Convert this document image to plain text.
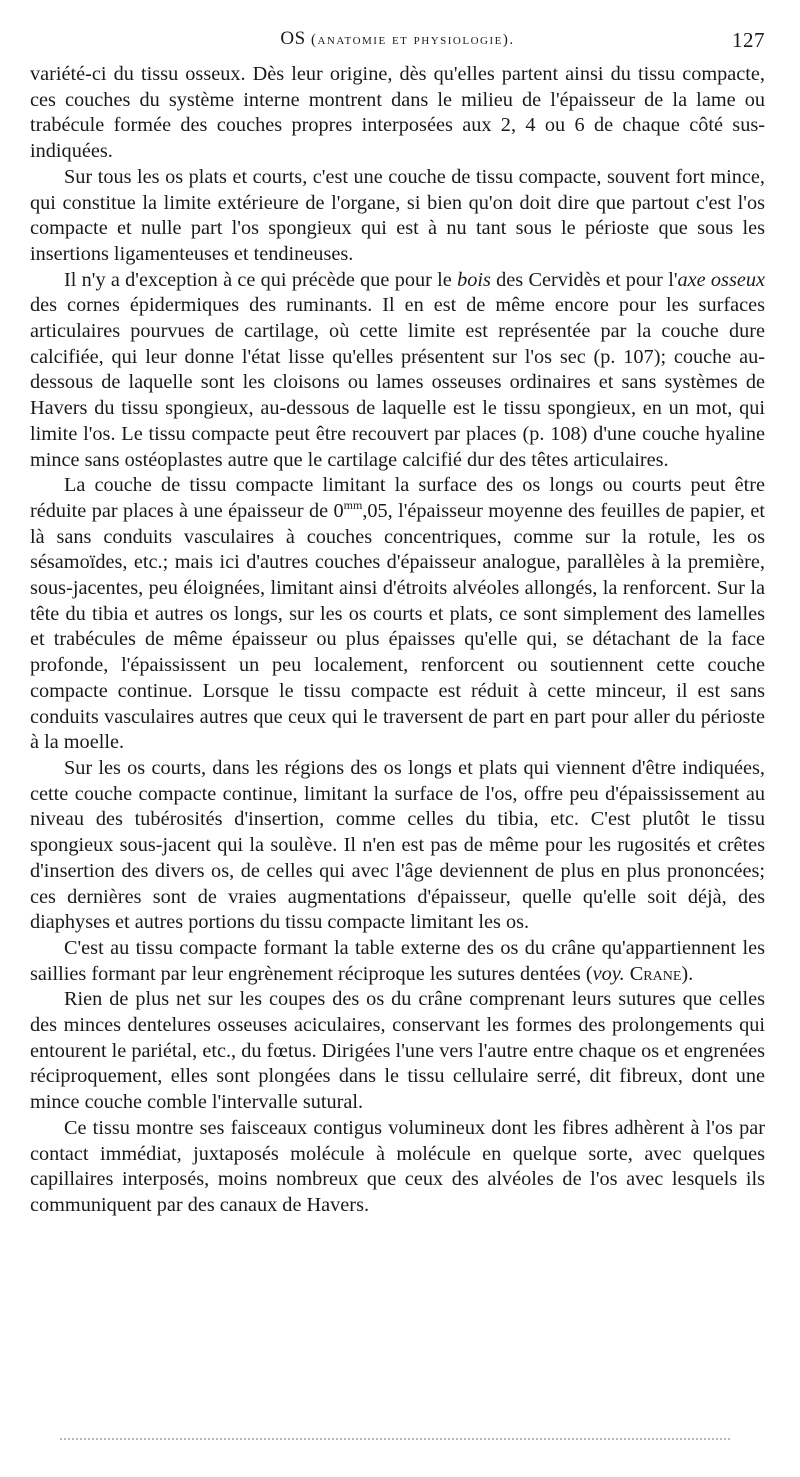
OS (anatomie et physiologie).	127

variété-ci du tissu osseux. Dès leur origine, dès qu'elles partent ainsi du tissu compacte, ces couches du système interne montrent dans le milieu de l'épaisseur de la lame ou trabécule formée des couches propres interposées aux 2, 4 ou 6 de chaque côté sus-indiquées.

Sur tous les os plats et courts, c'est une couche de tissu compacte, souvent fort mince, qui constitue la limite extérieure de l'organe, si bien qu'on doit dire que partout c'est l'os compacte et nulle part l'os spongieux qui est à nu tant sous le périoste que sous les insertions ligamenteuses et tendineuses.

Il n'y a d'exception à ce qui précède que pour le bois des Cervidès et pour l'axe osseux des cornes épidermiques des ruminants. Il en est de même encore pour les surfaces articulaires pourvues de cartilage, où cette limite est représentée par la couche dure calcifiée, qui leur donne l'état lisse qu'elles présentent sur l'os sec (p. 107); couche au-dessous de laquelle sont les cloisons ou lames osseuses ordinaires et sans systèmes de Havers du tissu spongieux, au-dessous de laquelle est le tissu spongieux, en un mot, qui limite l'os. Le tissu compacte peut être recouvert par places (p. 108) d'une couche hyaline mince sans ostéoplastes autre que le cartilage calcifié dur des têtes articulaires.

La couche de tissu compacte limitant la surface des os longs ou courts peut être réduite par places à une épaisseur de $0^{mm},05$, l'épaisseur moyenne des feuilles de papier, et là sans conduits vasculaires à couches concentriques, comme sur la rotule, les os sésamoïdes, etc.; mais ici d'autres couches d'épaisseur analogue, parallèles à la première, sous-jacentes, peu éloignées, limitant ainsi d'étroits alvéoles allongés, la renforcent. Sur la tête du tibia et autres os longs, sur les os courts et plats, ce sont simplement des lamelles et trabécules de même épaisseur ou plus épaisses qu'elle qui, se détachant de la face profonde, l'épaississent un peu localement, renforcent ou soutiennent cette couche compacte continue. Lorsque le tissu compacte est réduit à cette minceur, il est sans conduits vasculaires autres que ceux qui le traversent de part en part pour aller du périoste à la moelle.

Sur les os courts, dans les régions des os longs et plats qui viennent d'être indiquées, cette couche compacte continue, limitant la surface de l'os, offre peu d'épaississement au niveau des tubérosités d'insertion, comme celles du tibia, etc. C'est plutôt le tissu spongieux sous-jacent qui la soulève. Il n'en est pas de même pour les rugosités et crêtes d'insertion des divers os, de celles qui avec l'âge deviennent de plus en plus prononcées; ces dernières sont de vraies augmentations d'épaisseur, quelle qu'elle soit déjà, des diaphyses et autres portions du tissu compacte limitant les os.

C'est au tissu compacte formant la table externe des os du crâne qu'appartiennent les saillies formant par leur engrènement réciproque les sutures dentées (voy. Crane).

Rien de plus net sur les coupes des os du crâne comprenant leurs sutures que celles des minces dentelures osseuses aciculaires, conservant les formes des prolongements qui entourent le pariétal, etc., du fœtus. Dirigées l'une vers l'autre entre chaque os et engrenées réciproquement, elles sont plongées dans le tissu cellulaire serré, dit fibreux, dont une mince couche comble l'intervalle sutural.

Ce tissu montre ses faisceaux contigus volumineux dont les fibres adhèrent à l'os par contact immédiat, juxtaposés molécule à molécule en quelque sorte, avec quelques capillaires interposés, moins nombreux que ceux des alvéoles de l'os avec lesquels ils communiquent par des canaux de Havers.
